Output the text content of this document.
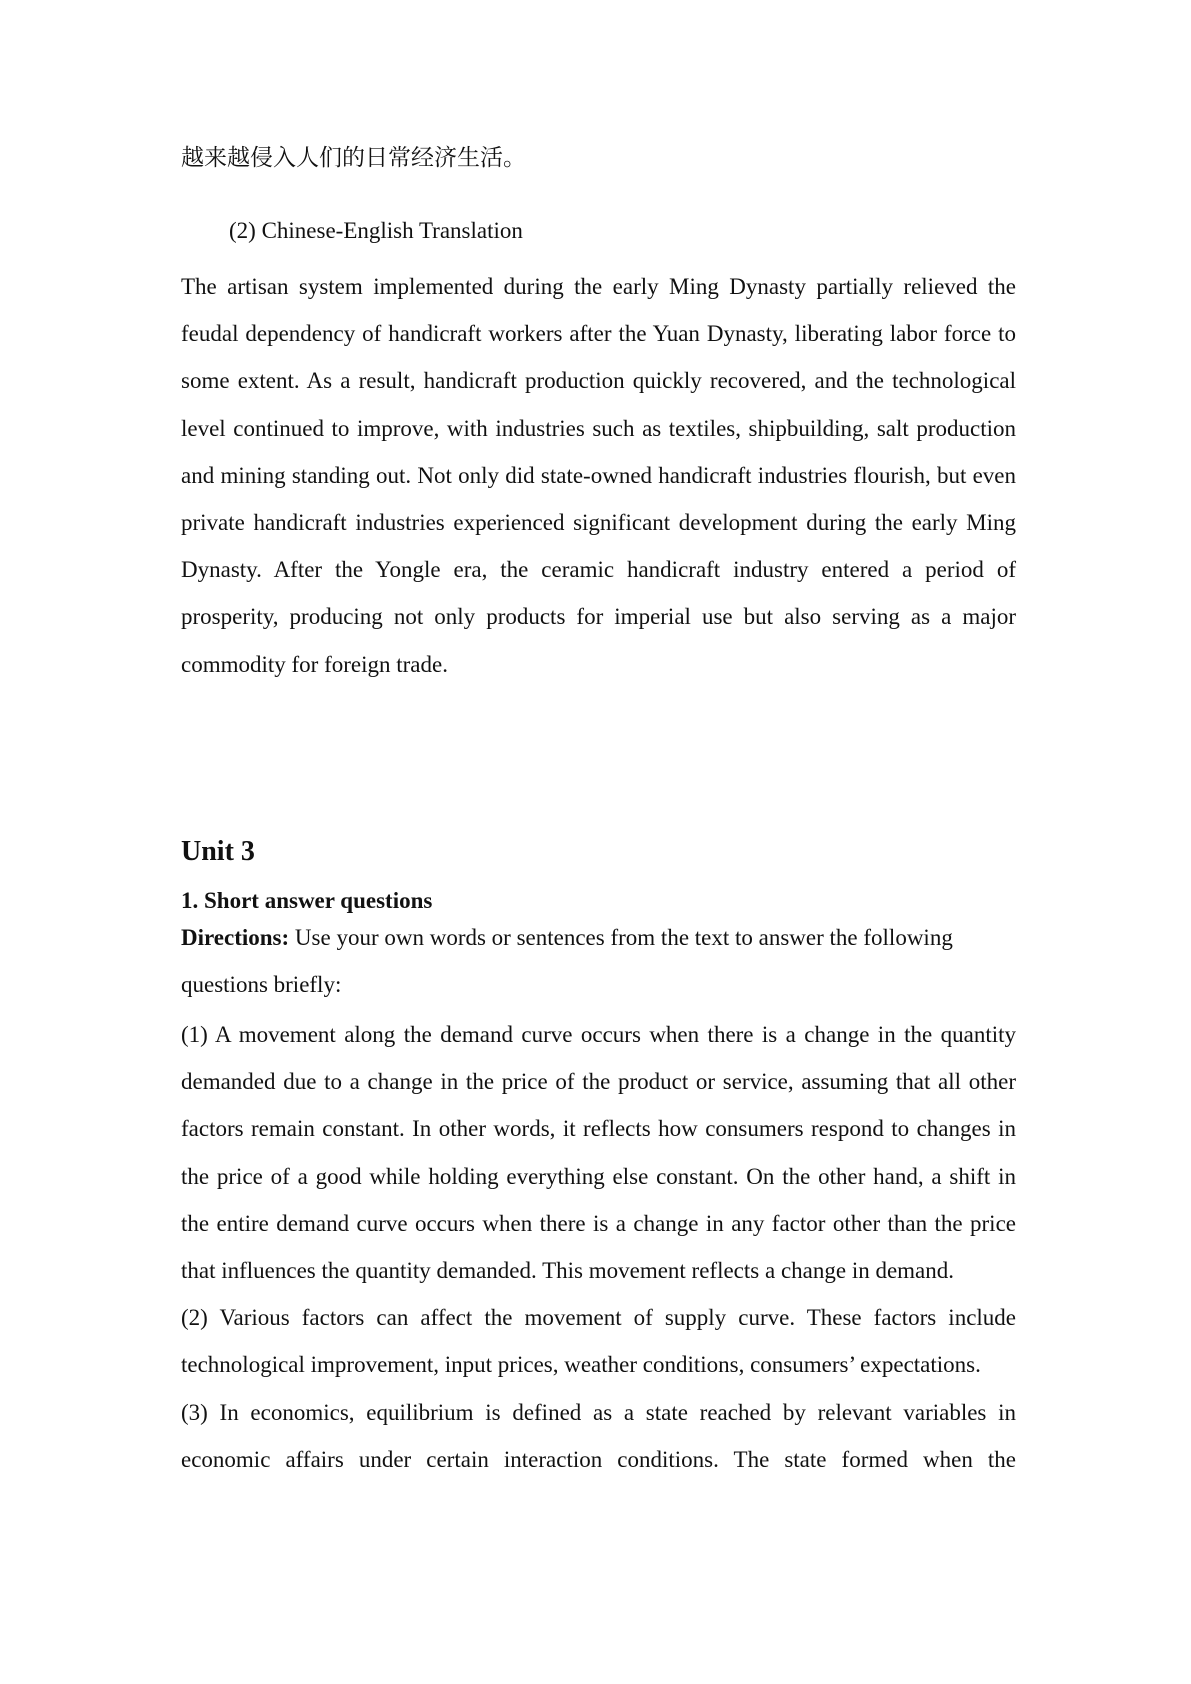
越来越侵入人们的日常经济生活。
(2) Chinese-English Translation

The artisan system implemented during the early Ming Dynasty partially relieved the feudal dependency of handicraft workers after the Yuan Dynasty, liberating labor force to some extent. As a result, handicraft production quickly recovered, and the technological level continued to improve, with industries such as textiles, shipbuilding, salt production and mining standing out. Not only did state-owned handicraft industries flourish, but even private handicraft industries experienced significant development during the early Ming Dynasty. After the Yongle era, the ceramic handicraft industry entered a period of prosperity, producing not only products for imperial use but also serving as a major commodity for foreign trade.

Unit 3
1. Short answer questions

Directions: Use your own words or sentences from the text to answer the following questions briefly:

(1) A movement along the demand curve occurs when there is a change in the quantity demanded due to a change in the price of the product or service, assuming that all other factors remain constant. In other words, it reflects how consumers respond to changes in the price of a good while holding everything else constant. On the other hand, a shift in the entire demand curve occurs when there is a change in any factor other than the price that influences the quantity demanded. This movement reflects a change in demand.

(2) Various factors can affect the movement of supply curve. These factors include technological improvement, input prices, weather conditions, consumers’ expectations.

(3) In economics, equilibrium is defined as a state reached by relevant variables in economic affairs under certain interaction conditions. The state formed when the
